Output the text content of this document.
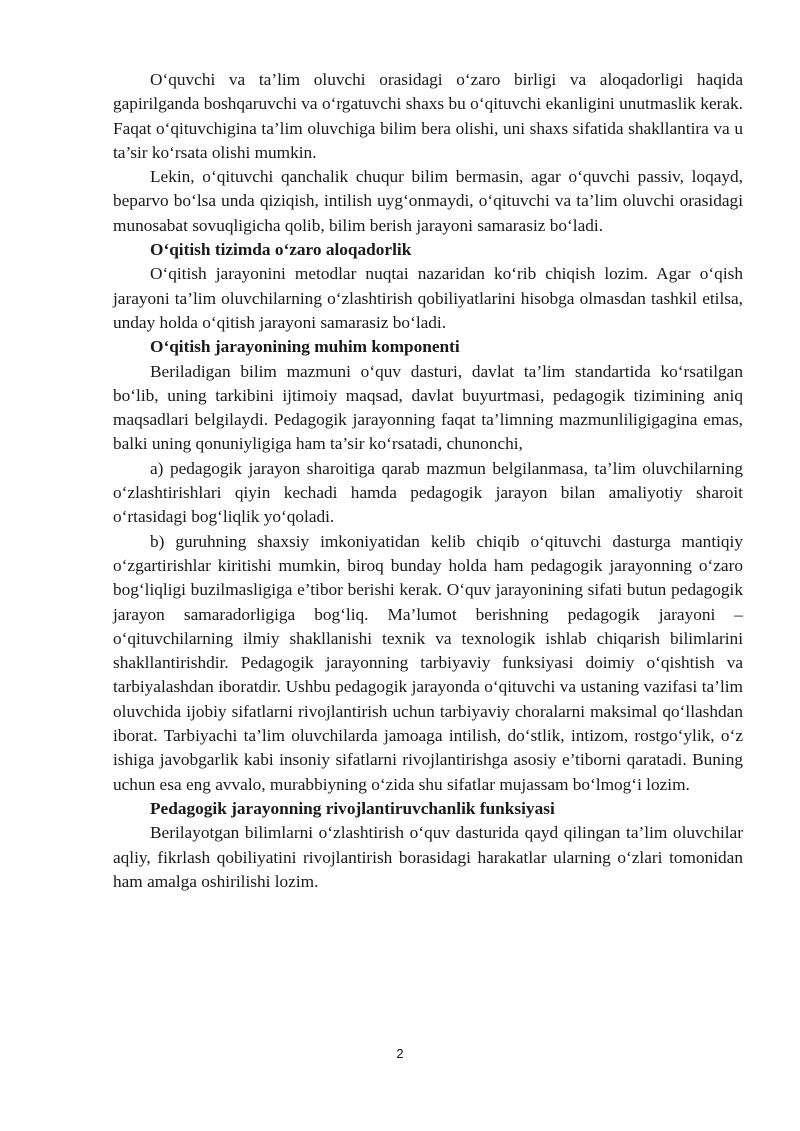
O‘quvchi va ta’lim oluvchi orasidagi o‘zaro birligi va aloqadorligi haqida gapirilganda boshqaruvchi va o‘rgatuvchi shaxs bu o‘qituvchi ekanligini unutmaslik kerak. Faqat o‘qituvchigina ta’lim oluvchiga bilim bera olishi, uni shaxs sifatida shakllantira va u ta’sir ko‘rsata olishi mumkin.

Lekin, o‘qituvchi qanchalik chuqur bilim bermasin, agar o‘quvchi passiv, loqayd, beparvo bo‘lsa unda qiziqish, intilish uyg‘onmaydi, o‘qituvchi va ta’lim oluvchi orasidagi munosabat sovuqligicha qolib, bilim berish jarayoni samarasiz bo‘ladi.

O‘qitish tizimda o‘zaro aloqadorlik

O‘qitish jarayonini metodlar nuqtai nazaridan ko‘rib chiqish lozim. Agar o‘qish jarayoni ta’lim oluvchilarning o‘zlashtirish qobiliyatlarini hisobga olmasdan tashkil etilsa, unday holda o‘qitish jarayoni samarasiz bo‘ladi.

O‘qitish jarayonining muhim komponenti

Beriladigan bilim mazmuni o‘quv dasturi, davlat ta’lim standartida ko‘rsatilgan bo‘lib, uning tarkibini ijtimoiy maqsad, davlat buyurtmasi, pedagogik tizimining aniq maqsadlari belgilaydi. Pedagogik jarayonning faqat ta’limning mazmunliligigagina emas, balki uning qonuniyligiga ham ta’sir ko‘rsatadi, chunonchi,

a) pedagogik jarayon sharoitiga qarab mazmun belgilanmasa, ta’lim oluvchilarning o‘zlashtirishlari qiyin kechadi hamda pedagogik jarayon bilan amaliyotiy sharoit o‘rtasidagi bog‘liqlik yo‘qoladi.

b) guruhning shaxsiy imkoniyatidan kelib chiqib o‘qituvchi dasturga mantiqiy o‘zgartirishlar kiritishi mumkin, biroq bunday holda ham pedagogik jarayonning o‘zaro bog‘liqligi buzilmasligiga e’tibor berishi kerak. O‘quv jarayonining sifati butun pedagogik jarayon samaradorligiga bog‘liq. Ma’lumot berishning pedagogik jarayoni – o‘qituvchilarning ilmiy shakllanishi texnik va texnologik ishlab chiqarish bilimlarini shakllantirishdir. Pedagogik jarayonning tarbiyaviy funksiyasi doimiy o‘qishtish va tarbiyalashdan iboratdir. Ushbu pedagogik jarayonda o‘qituvchi va ustaning vazifasi ta’lim oluvchida ijobiy sifatlarni rivojlantirish uchun tarbiyaviy choralarni maksimal qo‘llashdan iborat. Tarbiyachi ta’lim oluvchilarda jamoaga intilish, do‘stlik, intizom, rostgo‘ylik, o‘z ishiga javobgarlik kabi insoniy sifatlarni rivojlantirishga asosiy e’tiborni qaratadi. Buning uchun esa eng avvalo, murabbiyning o‘zida shu sifatlar mujassam bo‘lmog‘i lozim.

Pedagogik jarayonning rivojlantiruvchanlik funksiyasi

Berilayotgan bilimlarni o‘zlashtirish o‘quv dasturida qayd qilingan ta’lim oluvchilar aqliy, fikrlash qobiliyatini rivojlantirish borasidagi harakatlar ularning o‘zlari tomonidan ham amalga oshirilishi lozim.

2
